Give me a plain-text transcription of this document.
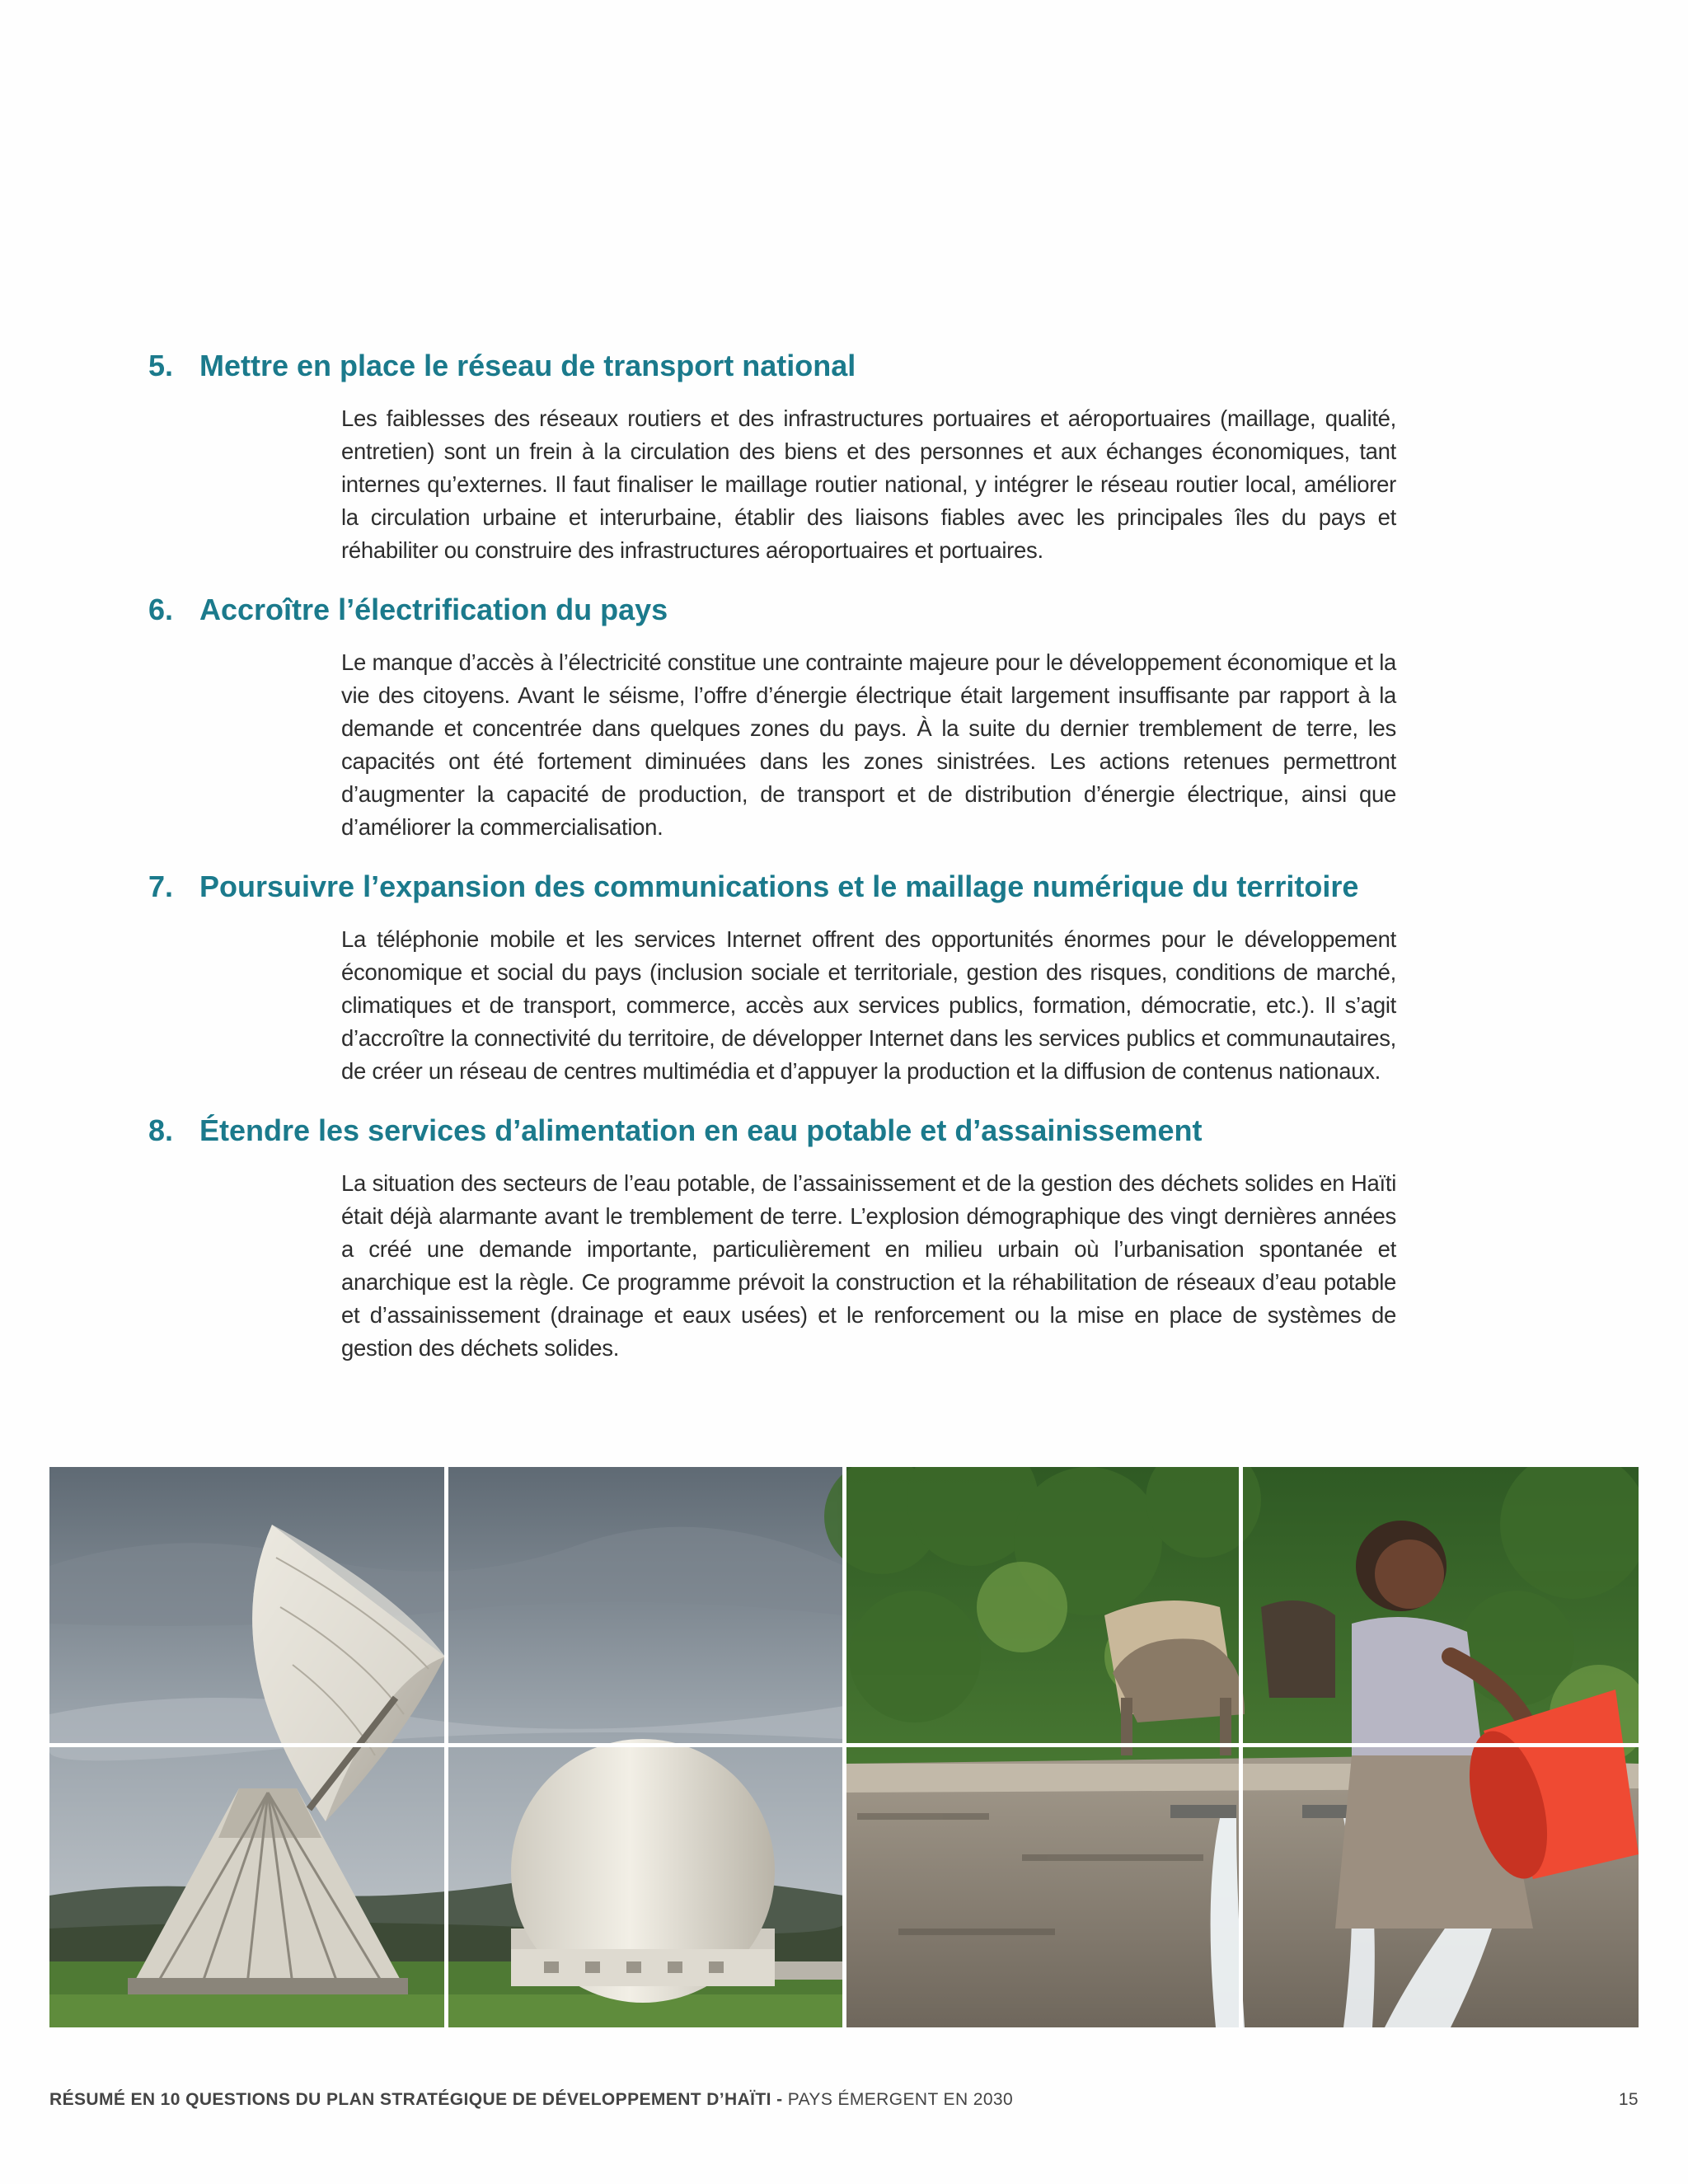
5. Mettre en place le réseau de transport national

Les faiblesses des réseaux routiers et des infrastructures portuaires et aéroportuaires (maillage, qualité, entretien) sont un frein à la circulation des biens et des personnes et aux échanges économiques, tant internes qu’externes. Il faut finaliser le maillage routier national, y intégrer le réseau routier local, améliorer la circulation urbaine et interurbaine, établir des liaisons fiables avec les principales îles du pays et réhabiliter ou construire des infrastructures aéroportuaires et portuaires.

6. Accroître l’électrification du pays

Le manque d’accès à l’électricité constitue une contrainte majeure pour le développement économique et la vie des citoyens. Avant le séisme, l’offre d’énergie électrique était largement insuffisante par rapport à la demande et concentrée dans quelques zones du pays. À la suite du dernier tremblement de terre, les capacités ont été fortement diminuées dans les zones sinistrées. Les actions retenues permettront d’augmenter la capacité de production, de transport et de distribution d’énergie électrique, ainsi que d’améliorer la commercialisation.

7. Poursuivre l’expansion des communications et le maillage numérique du territoire

La téléphonie mobile et les services Internet offrent des opportunités énormes pour le développement économique et social du pays (inclusion sociale et territoriale, gestion des risques, conditions de marché, climatiques et de transport, commerce, accès aux services publics, formation, démocratie, etc.). Il s’agit d’accroître la connectivité du territoire, de développer Internet dans les services publics et communautaires, de créer un réseau de centres multimédia et d’appuyer la production et la diffusion de contenus nationaux.

8. Étendre les services d’alimentation en eau potable et d’assainissement

La situation des secteurs de l’eau potable, de l’assainissement et de la gestion des déchets solides en Haïti était déjà alarmante avant le tremblement de terre. L’explosion démographique des vingt dernières années a créé une demande importante, particulièrement en milieu urbain où l’urbanisation spontanée et anarchique est la règle. Ce programme prévoit la construction et la réhabilitation de réseaux d’eau potable et d’assainissement (drainage et eaux usées) et le renforcement ou la mise en place de systèmes de gestion des déchets solides.

RÉSUMÉ EN 10 QUESTIONS DU PLAN STRATÉGIQUE DE DÉVELOPPEMENT D’HAÏTI - PAYS ÉMERGENT EN 2030	15
